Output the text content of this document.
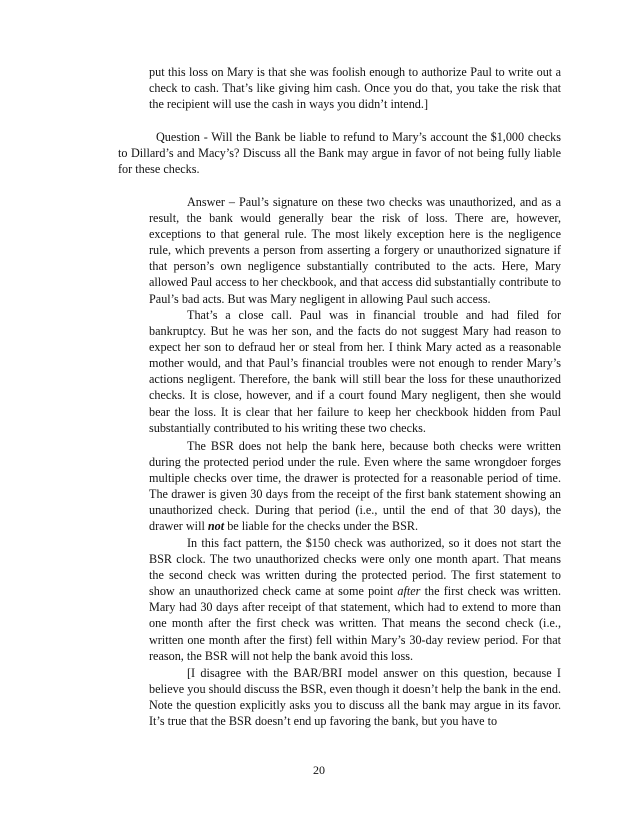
put this loss on Mary is that she was foolish enough to authorize Paul to write out a check to cash. That’s like giving him cash. Once you do that, you take the risk that the recipient will use the cash in ways you didn’t intend.]

Question - Will the Bank be liable to refund to Mary’s account the $1,000 checks to Dillard’s and Macy’s? Discuss all the Bank may argue in favor of not being fully liable for these checks.

Answer – Paul’s signature on these two checks was unauthorized, and as a result, the bank would generally bear the risk of loss. There are, however, exceptions to that general rule. The most likely exception here is the negligence rule, which prevents a person from asserting a forgery or unauthorized signature if that person’s own negligence substantially contributed to the acts. Here, Mary allowed Paul access to her checkbook, and that access did substantially contribute to Paul’s bad acts. But was Mary negligent in allowing Paul such access.

That’s a close call. Paul was in financial trouble and had filed for bankruptcy. But he was her son, and the facts do not suggest Mary had reason to expect her son to defraud her or steal from her. I think Mary acted as a reasonable mother would, and that Paul’s financial troubles were not enough to render Mary’s actions negligent. Therefore, the bank will still bear the loss for these unauthorized checks. It is close, however, and if a court found Mary negligent, then she would bear the loss. It is clear that her failure to keep her checkbook hidden from Paul substantially contributed to his writing these two checks.

The BSR does not help the bank here, because both checks were written during the protected period under the rule. Even where the same wrongdoer forges multiple checks over time, the drawer is protected for a reasonable period of time. The drawer is given 30 days from the receipt of the first bank statement showing an unauthorized check. During that period (i.e., until the end of that 30 days), the drawer will not be liable for the checks under the BSR.

In this fact pattern, the $150 check was authorized, so it does not start the BSR clock. The two unauthorized checks were only one month apart. That means the second check was written during the protected period. The first statement to show an unauthorized check came at some point after the first check was written. Mary had 30 days after receipt of that statement, which had to extend to more than one month after the first check was written. That means the second check (i.e., written one month after the first) fell within Mary’s 30-day review period. For that reason, the BSR will not help the bank avoid this loss.

[I disagree with the BAR/BRI model answer on this question, because I believe you should discuss the BSR, even though it doesn’t help the bank in the end. Note the question explicitly asks you to discuss all the bank may argue in its favor. It’s true that the BSR doesn’t end up favoring the bank, but you have to

20
